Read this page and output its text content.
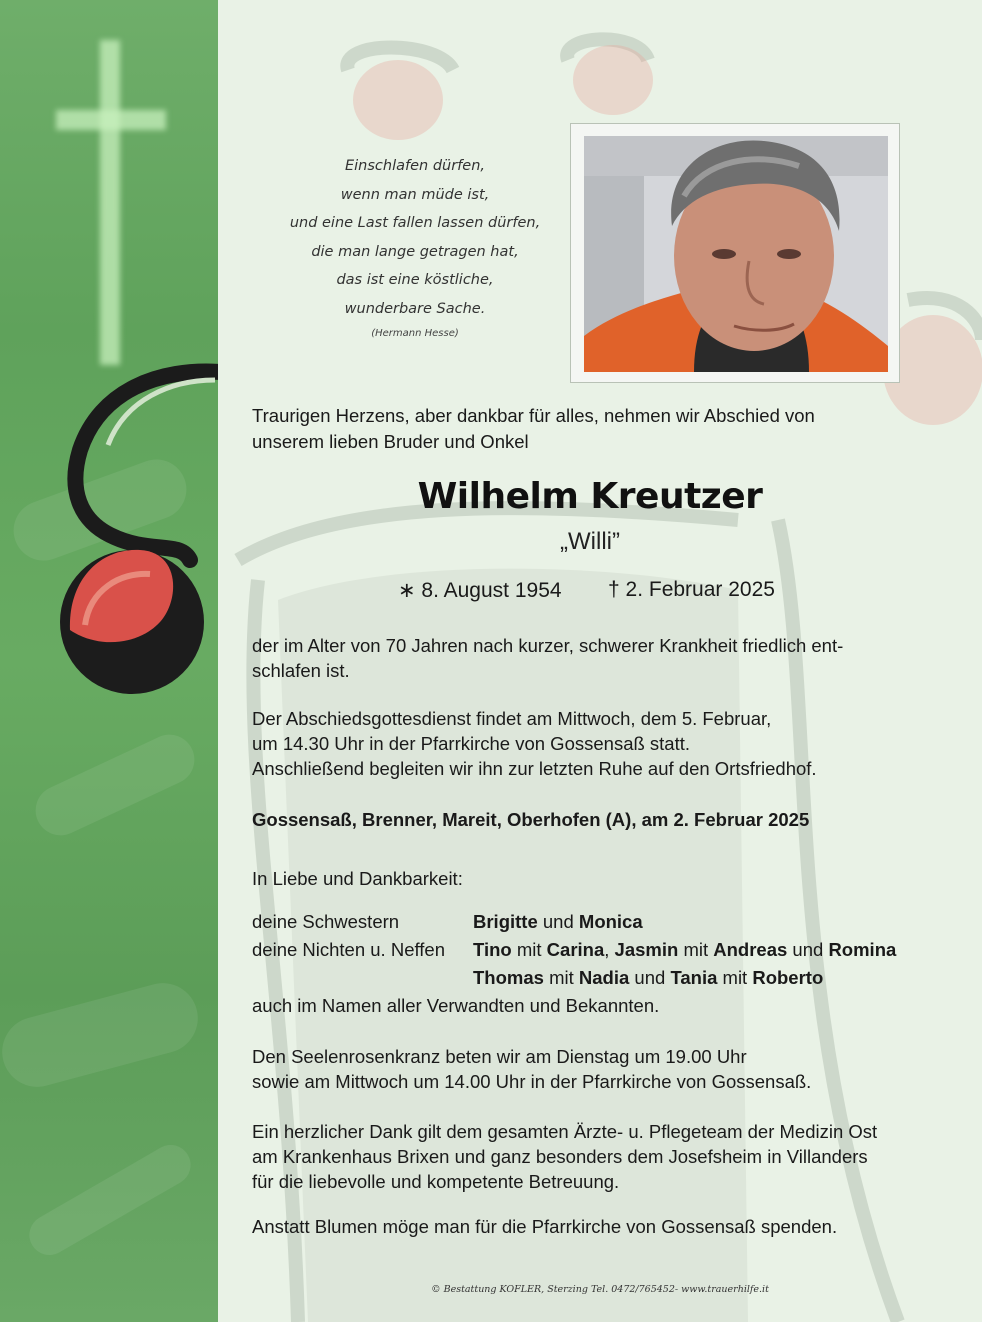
Einschlafen dürfen,
wenn man müde ist,
und eine Last fallen lassen dürfen,
die man lange getragen hat,
das ist eine köstliche,
wunderbare Sache.
(Hermann Hesse)
Traurigen Herzens, aber dankbar für alles, nehmen wir Abschied von
unserem lieben Bruder und Onkel
Wilhelm Kreutzer
„Willi”
∗ 8. August 1954 † 2. Februar 2025
der im Alter von 70 Jahren nach kurzer, schwerer Krankheit friedlich ent-
schlafen ist.
Der Abschiedsgottesdienst findet am Mittwoch, dem 5. Februar,
um 14.30 Uhr in der Pfarrkirche von Gossensaß statt.
Anschließend begleiten wir ihn zur letzten Ruhe auf den Ortsfriedhof.
Gossensaß, Brenner, Mareit, Oberhofen (A), am 2. Februar 2025
In Liebe und Dankbarkeit:
deine Schwestern	Brigitte und Monica
deine Nichten u. Neffen Tino mit Carina, Jasmin mit Andreas und Romina
Thomas mit Nadia und Tania mit Roberto
auch im Namen aller Verwandten und Bekannten.
Den Seelenrosenkranz beten wir am Dienstag um 19.00 Uhr
sowie am Mittwoch um 14.00 Uhr in der Pfarrkirche von Gossensaß.
Ein herzlicher Dank gilt dem gesamten Ärzte- u. Pflegeteam der Medizin Ost
am Krankenhaus Brixen und ganz besonders dem Josefsheim in Villanders
für die liebevolle und kompetente Betreuung.
Anstatt Blumen möge man für die Pfarrkirche von Gossensaß spenden.
© Bestattung KOFLER, Sterzing Tel. 0472/765452- www.trauerhilfe.it
